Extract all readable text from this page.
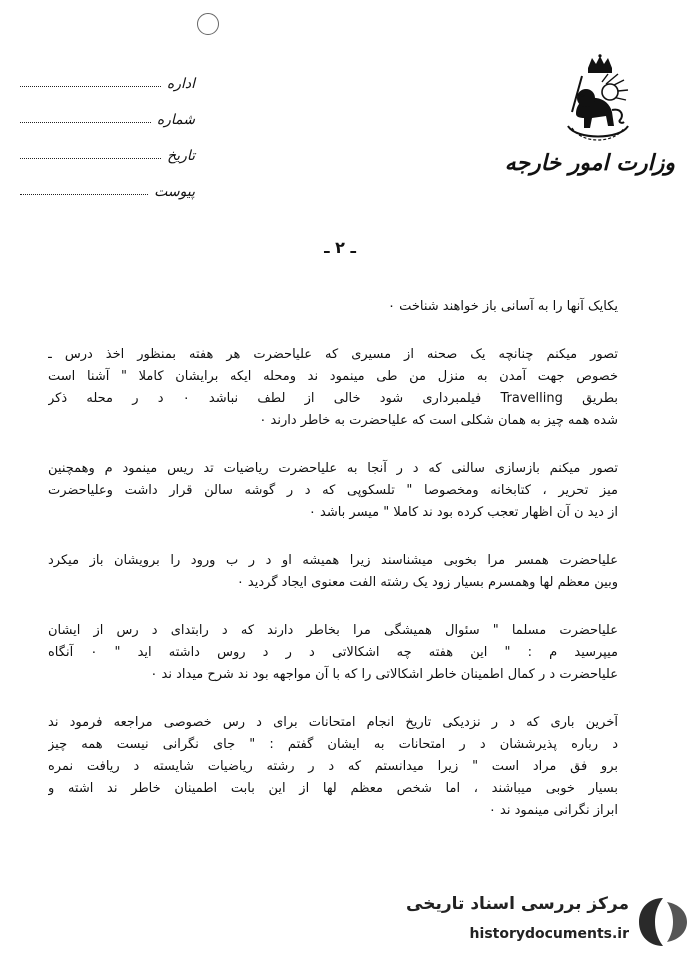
اداره
شماره
تاریخ
پیوست
وزارت امور خارجه
ـ ۲ ـ

یکایک آنها را به آسانی باز خواهند شناخت ٠

تصور میکنم چنانچه یک صحنه از مسیری که علیاحضرت هر هفته بمنظور اخذ درس ـ
خصوص جهت آمدن به منزل من طی مینمود ند ومحله ایکه برایشان کاملا " آشنا است
بطریق Travelling فیلمبرداری شود خالی از لطف نباشد ٠ د ر محله ذکر
شده همه چیز به همان شکلی است که علیاحضرت به خاطر دارند ٠

تصور میکنم بازسازی سالنی که د ر آنجا به علیاحضرت ریاضیات تد ریس مینمود م وهمچنین
میز تحریر ، کتابخانه ومخصوصا " تلسکوپی که د ر گوشه سالن قرار داشت وعلیاحضرت
از دید ن آن اظهار تعجب کرده بود ند کاملا " میسر باشد ٠

علیاحضرت همسر مرا بخوبی میشناسند زیرا همیشه او د ر ب ورود را برویشان باز میکرد
وبین معظم لها وهمسرم بسیار زود یک رشته الفت معنوی ایجاد گردید ٠

علیاحضرت مسلما " سئوال همیشگی مرا بخاطر دارند که د رابتدای د رس از ایشان
میپرسید م : " این هفته چه اشکالاتی د ر د روس داشته اید " ٠ آنگاه
علیاحضرت د ر کمال اطمینان خاطر اشکالاتی را که با آن مواجهه بود ند شرح میداد ند ٠

آخرین باری که د ر نزدیکی تاریخ انجام امتحانات برای د رس خصوصی مراجعه فرمود ند
د رباره پذیرششان د ر امتحانات به ایشان گفتم : " جای نگرانی نیست همه چیز
برو فق مراد است " زیرا میدانستم که د ر رشته ریاضیات شایسته د ریافت نمره
بسیار خوبی میباشند ، اما شخص معظم لها از این بابت اطمینان خاطر ند اشته و
ابراز نگرانی مینمود ند ٠

مرکز بررسی اسناد تاریخی
historydocuments.ir
